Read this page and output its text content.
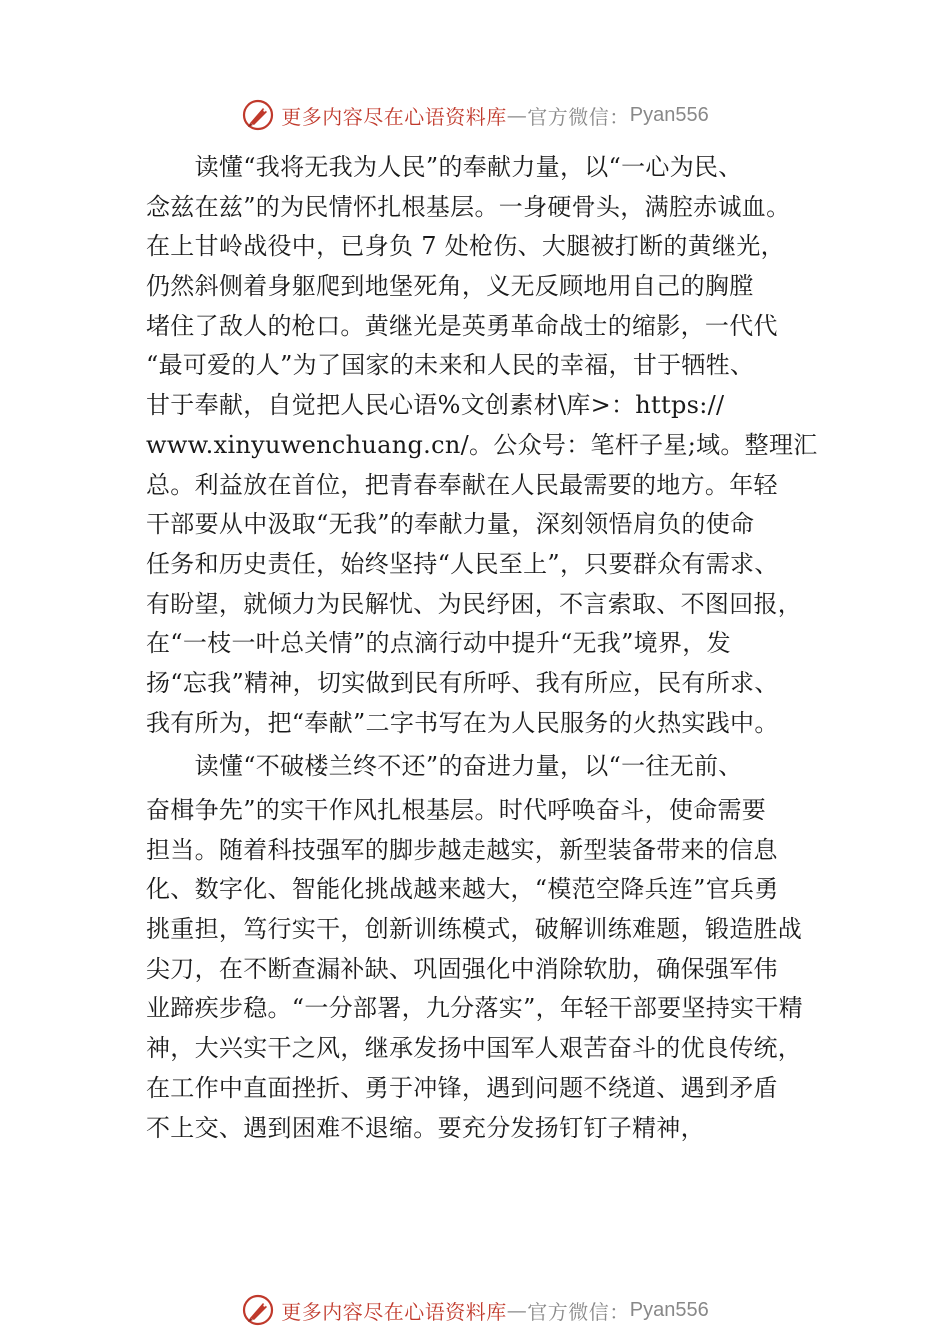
更多内容尽在心语资料库 — 官方微信： Pyan556
　　读懂“我将无我为人民”的奉献力量，以“一心为民、
念兹在兹”的为民情怀扎根基层。一身硬骨头，满腔赤诚血。
在上甘岭战役中，已身负 7 处枪伤、大腿被打断的黄继光，
仍然斜侧着身躯爬到地堡死角，义无反顾地用自己的胸膛
堵住了敌人的枪口。黄继光是英勇革命战士的缩影，一代代
“最可爱的人”为了国家的未来和人民的幸福，甘于牺牲、
甘于奉献，自觉把人民心语%文创素材\库>：https://
www.xinyuwenchuang.cn/。公众号：笔杆子星;域。整理汇
总。利益放在首位，把青春奉献在人民最需要的地方。年轻
干部要从中汲取“无我”的奉献力量，深刻领悟肩负的使命
任务和历史责任，始终坚持“人民至上”，只要群众有需求、
有盼望，就倾力为民解忧、为民纾困，不言索取、不图回报，
在“一枝一叶总关情”的点滴行动中提升“无我”境界，发
扬“忘我”精神，切实做到民有所呼、我有所应，民有所求、
我有所为，把“奉献”二字书写在为人民服务的火热实践中。
　　读懂“不破楼兰终不还”的奋进力量，以“一往无前、
奋楫争先”的实干作风扎根基层。时代呼唤奋斗，使命需要
担当。随着科技强军的脚步越走越实，新型装备带来的信息
化、数字化、智能化挑战越来越大，“模范空降兵连”官兵勇
挑重担，笃行实干，创新训练模式，破解训练难题，锻造胜战
尖刀，在不断查漏补缺、巩固强化中消除软肋，确保强军伟
业蹄疾步稳。“一分部署，九分落实”，年轻干部要坚持实干精
神，大兴实干之风，继承发扬中国军人艰苦奋斗的优良传统，
在工作中直面挫折、勇于冲锋，遇到问题不绕道、遇到矛盾
不上交、遇到困难不退缩。要充分发扬钉钉子精神，
更多内容尽在心语资料库 — 官方微信： Pyan556
